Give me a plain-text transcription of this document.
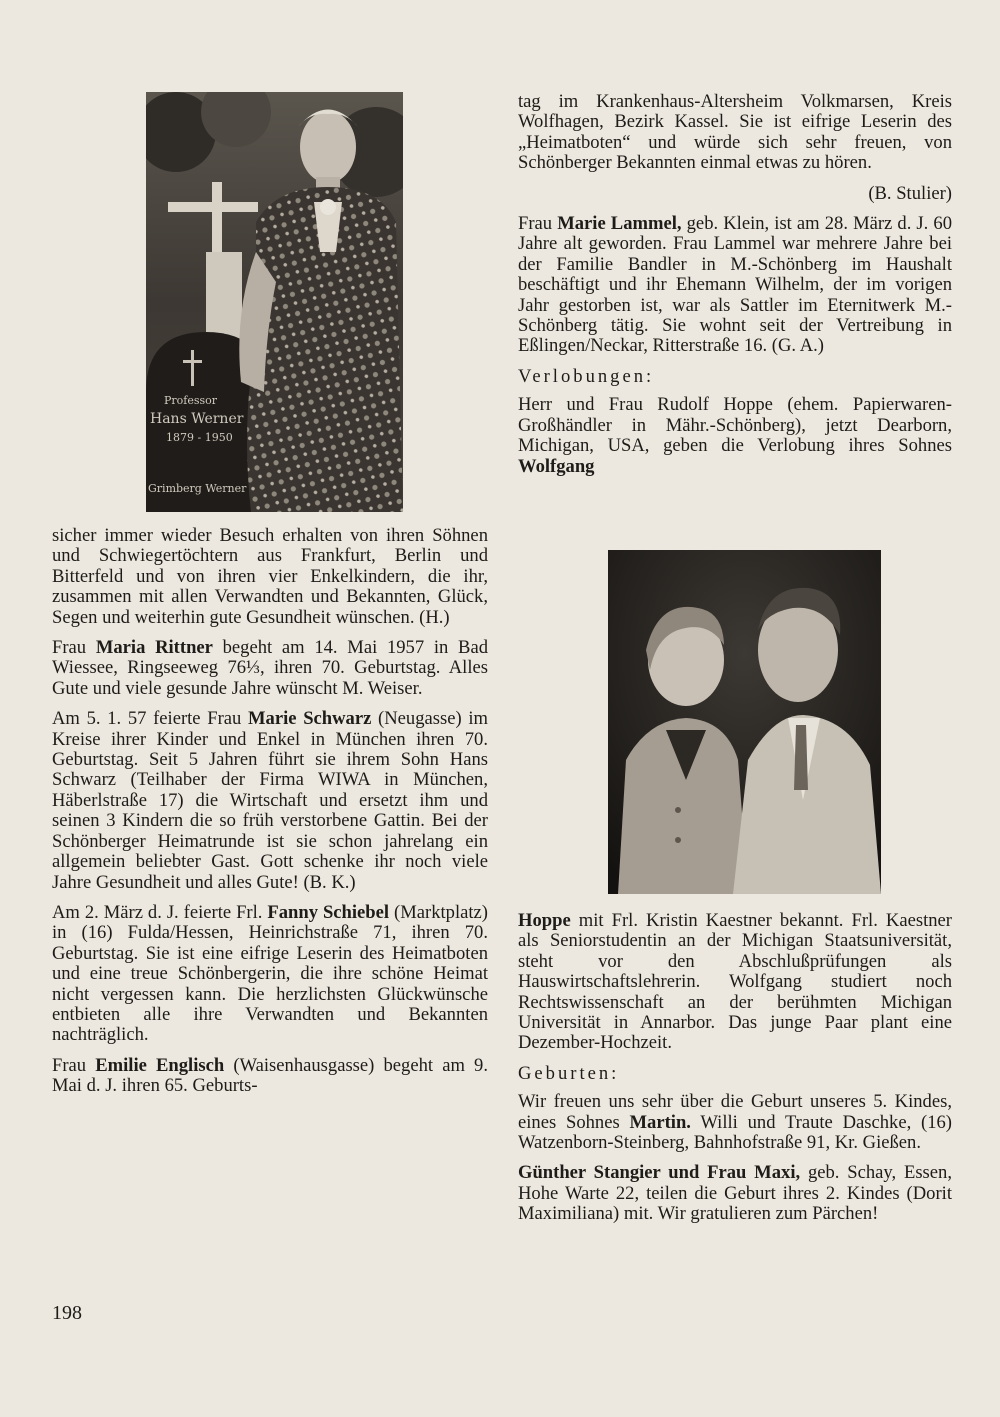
Professor
Hans Werner
1879 - 1950
Grimberg Werner

sicher immer wieder Besuch erhalten von ihren Söhnen und Schwiegertöchtern aus Frankfurt, Berlin und Bitterfeld und von ihren vier Enkelkindern, die ihr, zusammen mit allen Verwandten und Bekannten, Glück, Segen und weiterhin gute Gesundheit wünschen. (H.)

Frau Maria Rittner begeht am 14. Mai 1957 in Bad Wiessee, Ringseeweg 76⅓, ihren 70. Geburtstag. Alles Gute und viele gesunde Jahre wünscht M. Weiser.

Am 5. 1. 57 feierte Frau Marie Schwarz (Neugasse) im Kreise ihrer Kinder und Enkel in München ihren 70. Geburtstag. Seit 5 Jahren führt sie ihrem Sohn Hans Schwarz (Teilhaber der Firma WIWA in München, Häberlstraße 17) die Wirtschaft und ersetzt ihm und seinen 3 Kindern die so früh verstorbene Gattin. Bei der Schönberger Heimatrunde ist sie schon jahrelang ein allgemein beliebter Gast. Gott schenke ihr noch viele Jahre Gesundheit und alles Gute! (B. K.)

Am 2. März d. J. feierte Frl. Fanny Schiebel (Marktplatz) in (16) Fulda/Hessen, Heinrichstraße 71, ihren 70. Geburtstag. Sie ist eine eifrige Leserin des Heimatboten und eine treue Schönbergerin, die ihre schöne Heimat nicht vergessen kann. Die herzlichsten Glückwünsche entbieten alle ihre Verwandten und Bekannten nachträglich.

Frau Emilie Englisch (Waisenhausgasse) begeht am 9. Mai d. J. ihren 65. Geburts-

tag im Krankenhaus-Altersheim Volkmarsen, Kreis Wolfhagen, Bezirk Kassel. Sie ist eifrige Leserin des „Heimatboten“ und würde sich sehr freuen, von Schönberger Bekannten einmal etwas zu hören.

(B. Stulier)

Frau Marie Lammel, geb. Klein, ist am 28. März d. J. 60 Jahre alt geworden. Frau Lammel war mehrere Jahre bei der Familie Bandler in M.-Schönberg im Haushalt beschäftigt und ihr Ehemann Wilhelm, der im vorigen Jahr gestorben ist, war als Sattler im Eternitwerk M.-Schönberg tätig. Sie wohnt seit der Vertreibung in Eßlingen/Neckar, Ritterstraße 16. (G. A.)

Verlobungen:

Herr und Frau Rudolf Hoppe (ehem. Papierwaren-Großhändler in Mähr.-Schönberg), jetzt Dearborn, Michigan, USA, geben die Verlobung ihres Sohnes Wolfgang

Hoppe mit Frl. Kristin Kaestner bekannt. Frl. Kaestner als Seniorstudentin an der Michigan Staatsuniversität, steht vor den Abschlußprüfungen als Hauswirtschaftslehrerin. Wolfgang studiert noch Rechtswissenschaft an der berühmten Michigan Universität in Annarbor. Das junge Paar plant eine Dezember-Hochzeit.

Geburten:

Wir freuen uns sehr über die Geburt unseres 5. Kindes, eines Sohnes Martin. Willi und Traute Daschke, (16) Watzenborn-Steinberg, Bahnhofstraße 91, Kr. Gießen.

Günther Stangier und Frau Maxi, geb. Schay, Essen, Hohe Warte 22, teilen die Geburt ihres 2. Kindes (Dorit Maximiliana) mit. Wir gratulieren zum Pärchen!

198
